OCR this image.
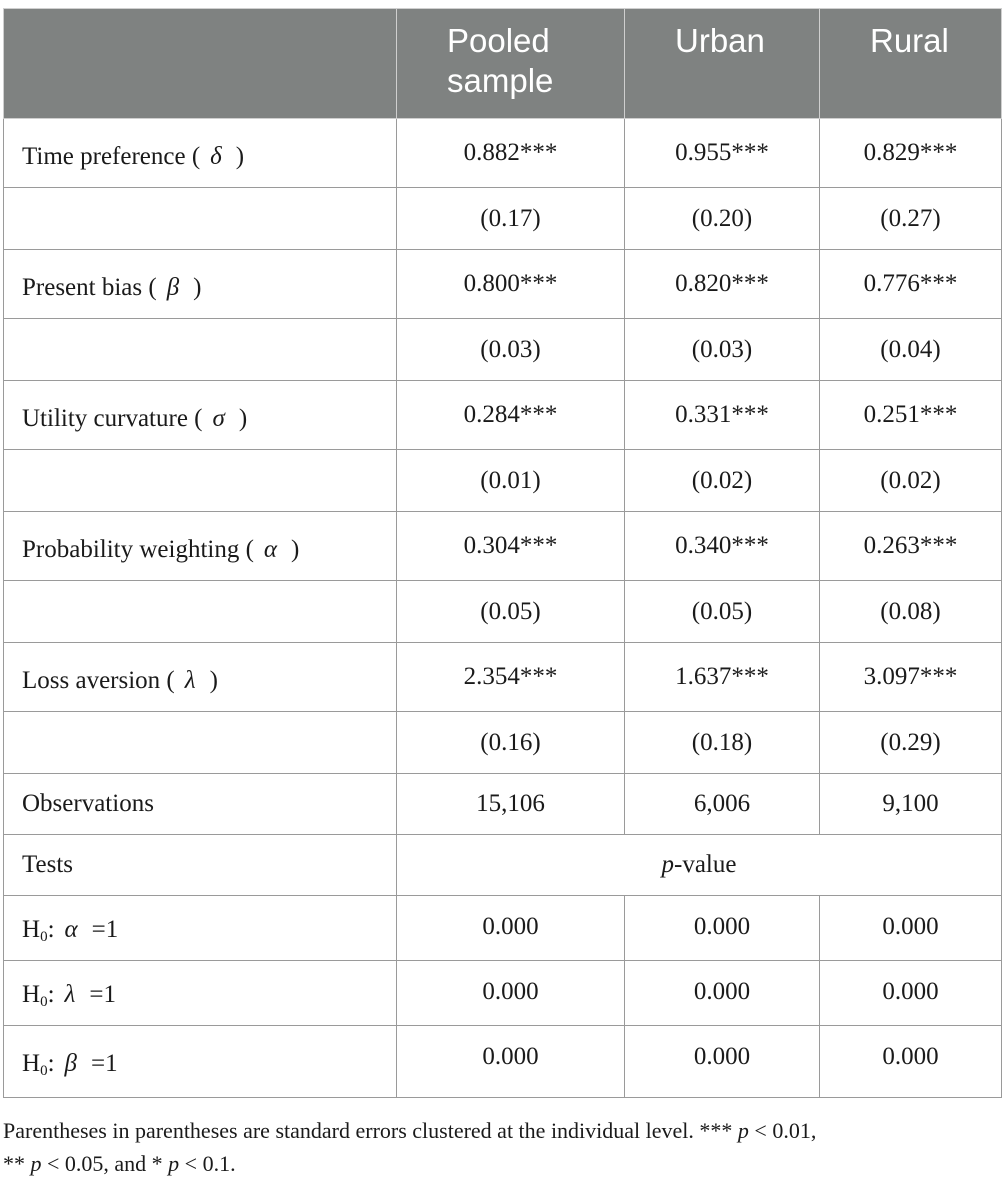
	Pooled sample	Urban	Rural
Time preference ( δ )	0.882***	0.955***	0.829***
	(0.17)	(0.20)	(0.27)
Present bias ( β )	0.800***	0.820***	0.776***
	(0.03)	(0.03)	(0.04)
Utility curvature ( σ )	0.284***	0.331***	0.251***
	(0.01)	(0.02)	(0.02)
Probability weighting ( α )	0.304***	0.340***	0.263***
	(0.05)	(0.05)	(0.08)
Loss aversion ( λ )	2.354***	1.637***	3.097***
	(0.16)	(0.18)	(0.29)
Observations	15,106	6,006	9,100
Tests	p-value		
$H_0$: α =1	0.000	0.000	0.000
$H_0$: λ =1	0.000	0.000	0.000
$H_0$: β =1	0.000	0.000	0.000
Parentheses in parentheses are standard errors clustered at the individual level. *** p < 0.01,
** p < 0.05, and * p < 0.1.
